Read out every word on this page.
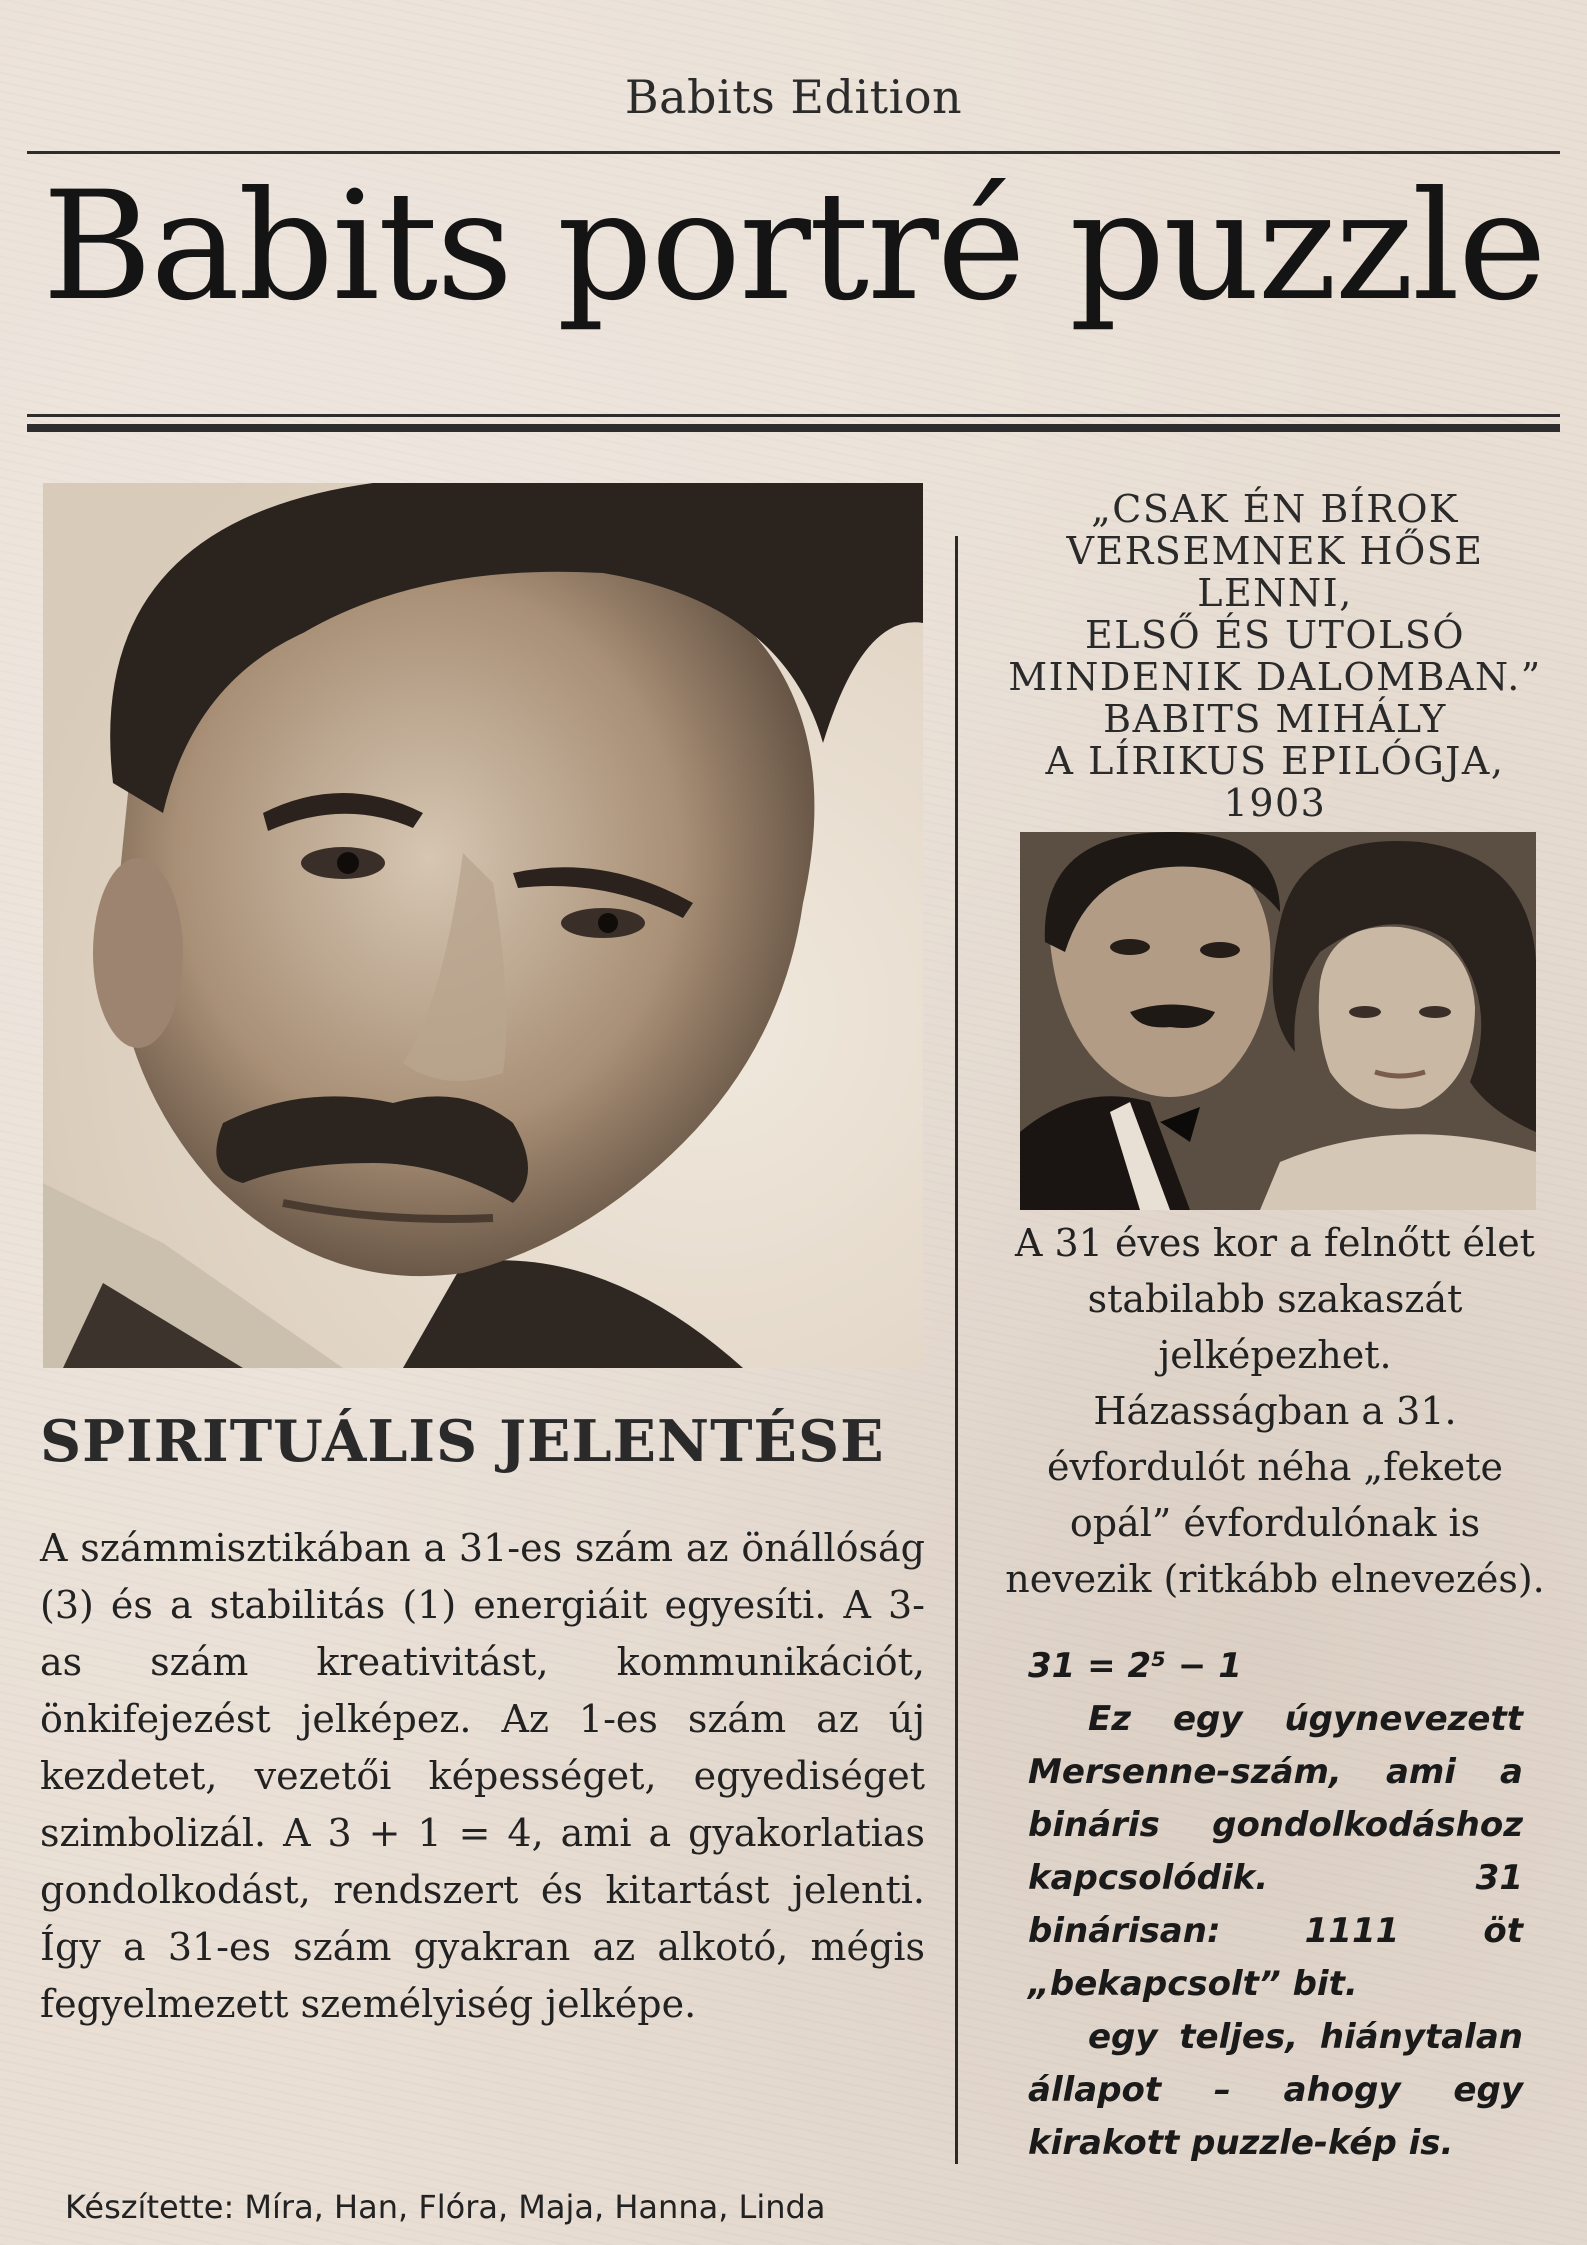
Babits Edition
Babits portré puzzle
„CSAK ÉN BÍROK
VERSEMNEK HŐSE
LENNI,
ELSŐ ÉS UTOLSÓ
MINDENIK DALOMBAN.”
BABITS MIHÁLY
A LÍRIKUS EPILÓGJA,
1903
A 31 éves kor a felnőtt élet
stabilabb szakaszát
jelképezhet.
Házasságban a 31.
évfordulót néha „fekete
opál” évfordulónak is
nevezik (ritkább elnevezés).
SPIRITUÁLIS JELENTÉSE

A számmisztikában a 31-es szám az önállóság (3) és a stabilitás (1) energiáit egyesíti. A 3-as szám kreativitást, kommunikációt, önkifejezést jelképez. Az 1-es szám az új kezdetet, vezetői képességet, egyediséget szimbolizál. A 3 + 1 = 4, ami a gyakorlatias gondolkodást, rendszert és kitartást jelenti. Így a 31-es szám gyakran az alkotó, mégis fegyelmezett személyiség jelképe.

31 = 2⁵ − 1

Ez egy úgynevezett Mersenne-szám, ami a bináris gondolkodáshoz kapcsolódik. 31 binárisan: 1111 öt „bekapcsolt” bit.

egy teljes, hiánytalan állapot – ahogy egy kirakott puzzle-kép is.

Készítette: Míra, Han, Flóra, Maja, Hanna, Linda
